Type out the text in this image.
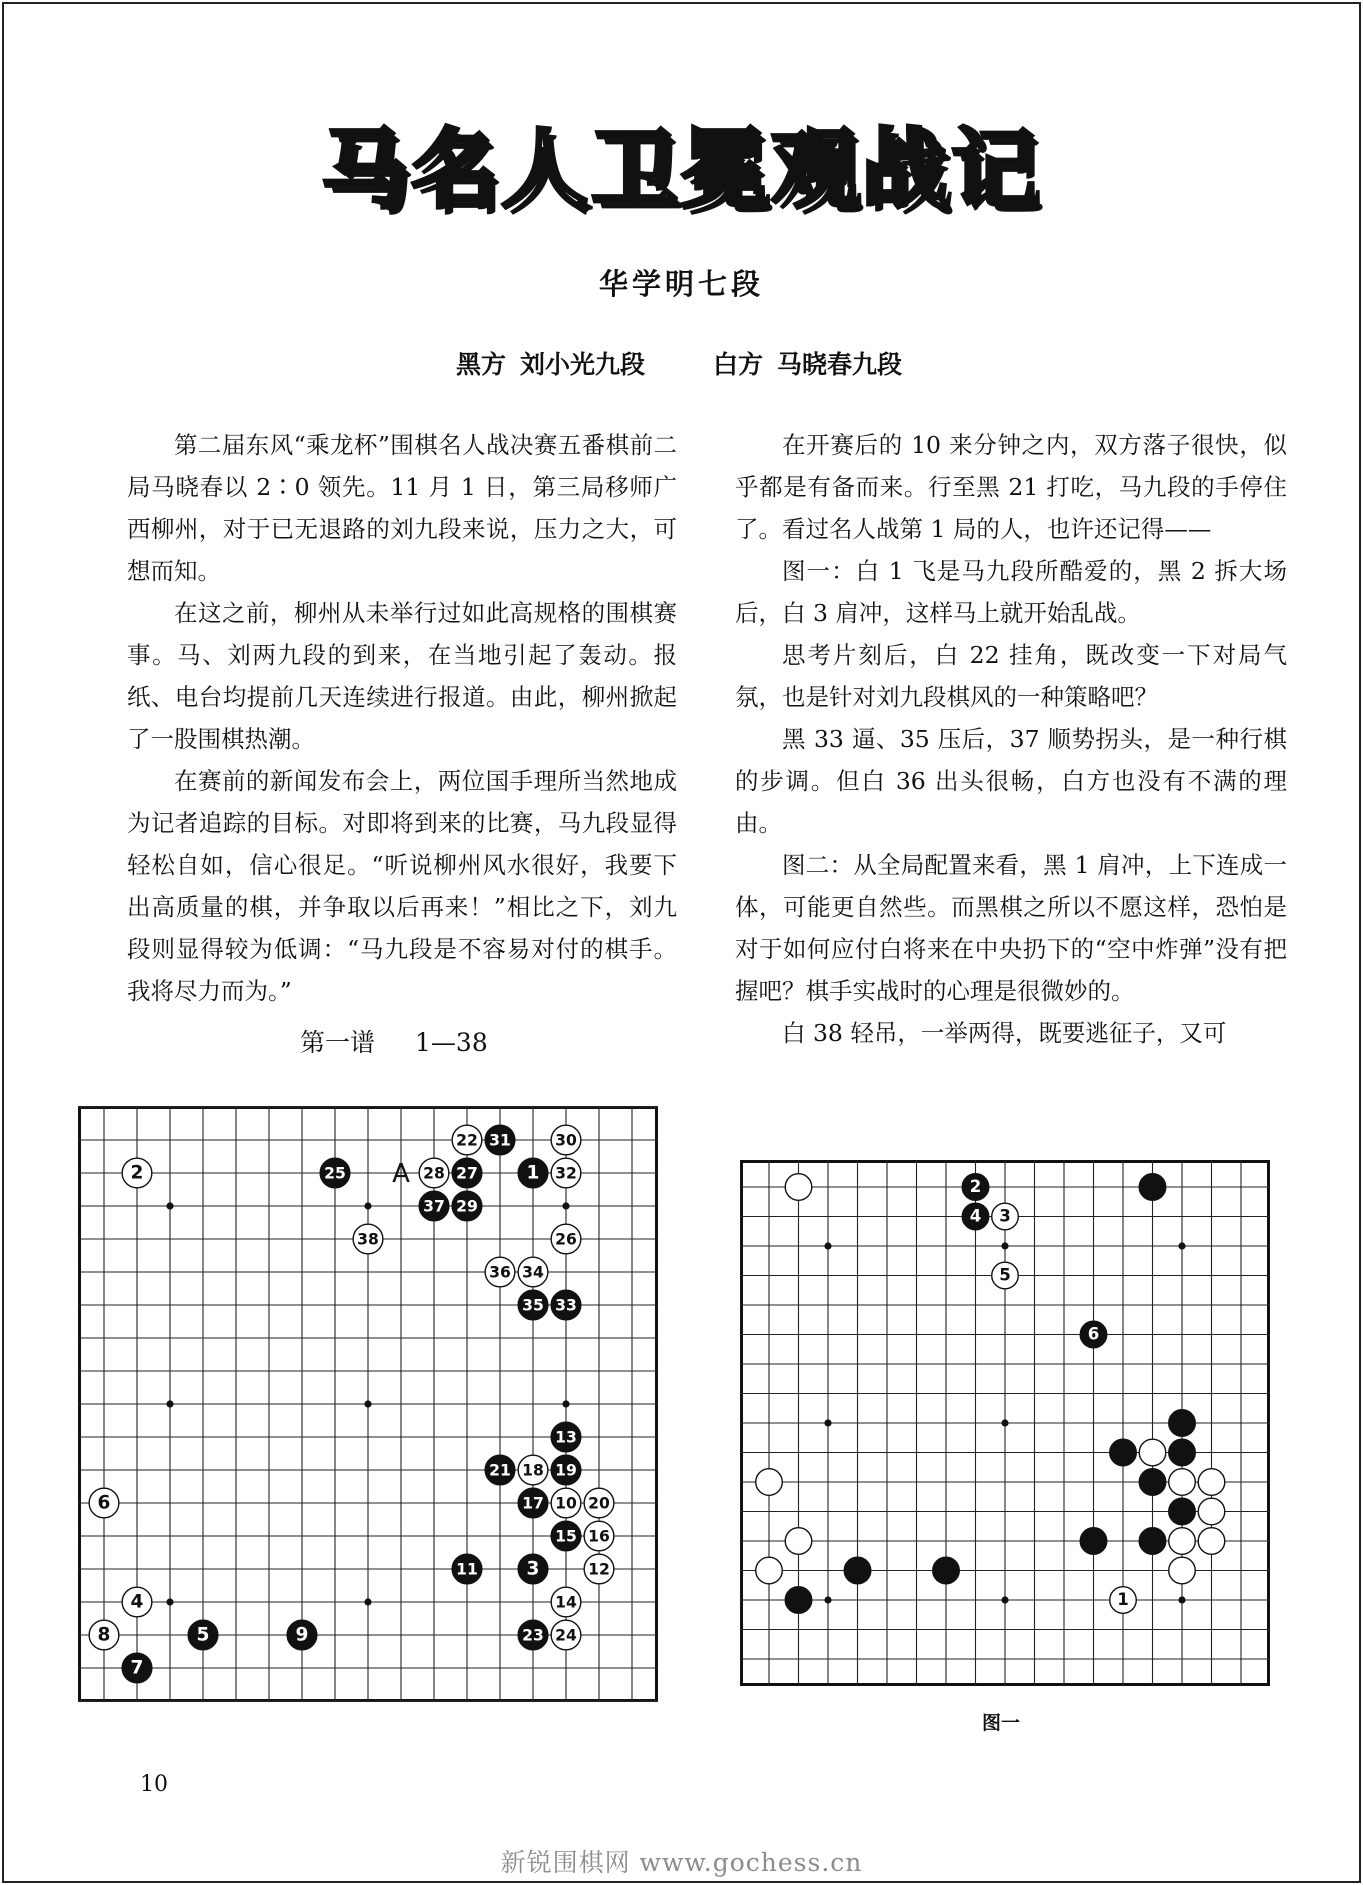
马名人卫冕观战记
华学明七段
黑方 刘小光九段	白方 马晓春九段

第二届东风“乘龙杯”围棋名人战决赛五番棋前二局马晓春以 2∶0 领先。11 月 1 日，第三局移师广西柳州，对于已无退路的刘九段来说，压力之大，可想而知。

在这之前，柳州从未举行过如此高规格的围棋赛事。马、刘两九段的到来，在当地引起了轰动。报纸、电台均提前几天连续进行报道。由此，柳州掀起了一股围棋热潮。

在赛前的新闻发布会上，两位国手理所当然地成为记者追踪的目标。对即将到来的比赛，马九段显得轻松自如，信心很足。“听说柳州风水很好，我要下出高质量的棋，并争取以后再来！”相比之下，刘九段则显得较为低调：“马九段是不容易对付的棋手。我将尽力而为。”

在开赛后的 10 来分钟之内，双方落子很快，似乎都是有备而来。行至黑 21 打吃，马九段的手停住了。看过名人战第 1 局的人，也许还记得——

图一：白 1 飞是马九段所酷爱的，黑 2 拆大场后，白 3 肩冲，这样马上就开始乱战。

思考片刻后，白 22 挂角，既改变一下对局气氛，也是针对刘九段棋风的一种策略吧？

黑 33 逼、35 压后，37 顺势拐头，是一种行棋的步调。但白 36 出头很畅，白方也没有不满的理由。

图二：从全局配置来看，黑 1 肩冲，上下连成一体，可能更自然些。而黑棋之所以不愿这样，恐怕是对于如何应付白将来在中央扔下的“空中炸弹”没有把握吧？棋手实战时的心理是很微妙的。

白 38 轻吊，一举两得，既要逃征子，又可

第一谱 1—38
2
6
4
8	5	9
7
25	28 27
22 31	30
1 32
37 29
38	26
36 34
35 33
13
21 18 19
17 10 20
15 16
11	3	12
14
23 24
A	2
4 3
5
6
1
图一
10
新锐围棋网 www.gochess.cn
